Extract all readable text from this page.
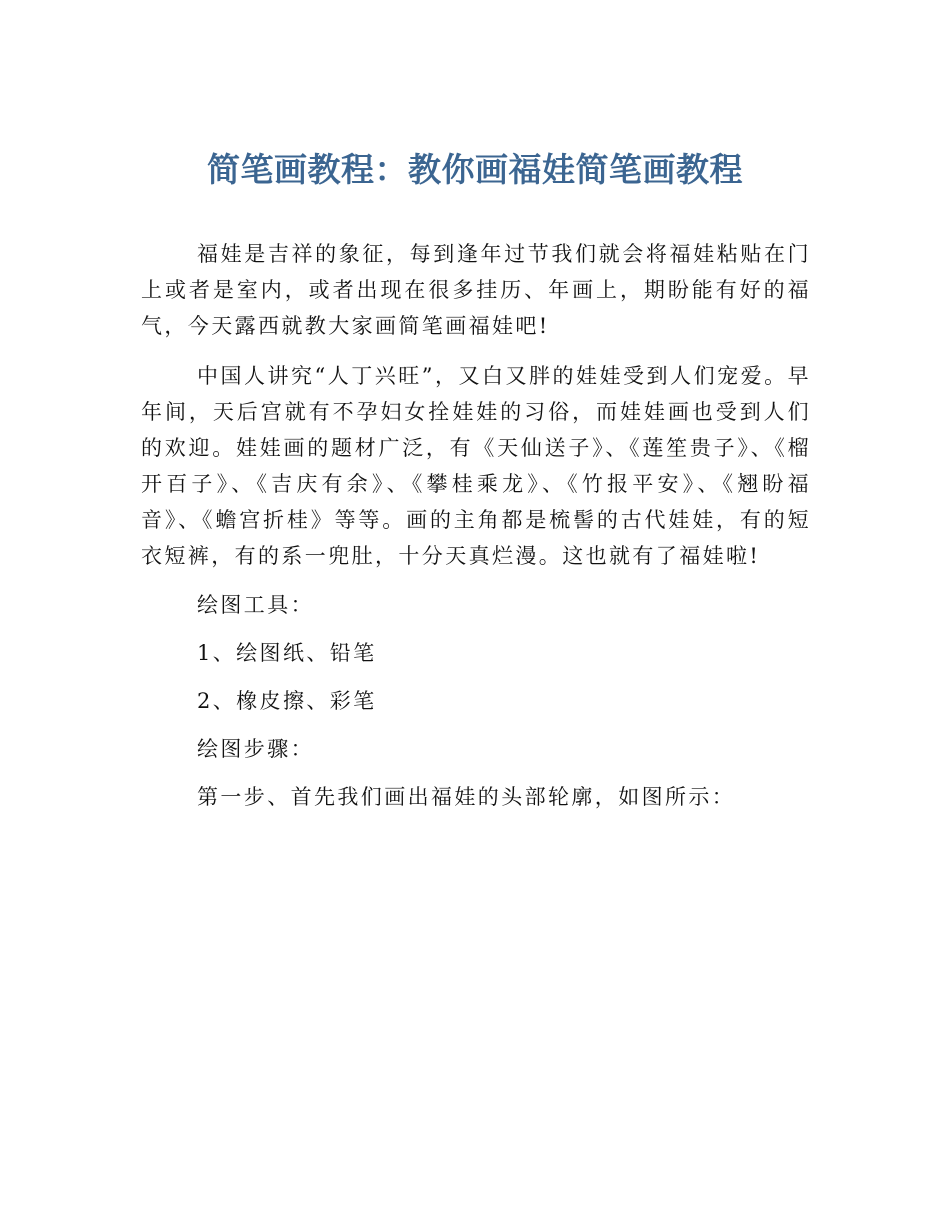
简笔画教程：教你画福娃简笔画教程

福娃是吉祥的象征，每到逢年过节我们就会将福娃粘贴在门上或者是室内，或者出现在很多挂历、年画上，期盼能有好的福气，今天露西就教大家画简笔画福娃吧!

中国人讲究“人丁兴旺”，又白又胖的娃娃受到人们宠爱。早年间，天后宫就有不孕妇女拴娃娃的习俗，而娃娃画也受到人们的欢迎。娃娃画的题材广泛，有《天仙送子》、《莲笙贵子》、《榴开百子》、《吉庆有余》、《攀桂乘龙》、《竹报平安》、《翘盼福音》、《蟾宫折桂》等等。画的主角都是梳髻的古代娃娃，有的短衣短裤，有的系一兜肚，十分天真烂漫。这也就有了福娃啦!

绘图工具：

1、绘图纸、铅笔

2、橡皮擦、彩笔

绘图步骤：

第一步、首先我们画出福娃的头部轮廓，如图所示：
